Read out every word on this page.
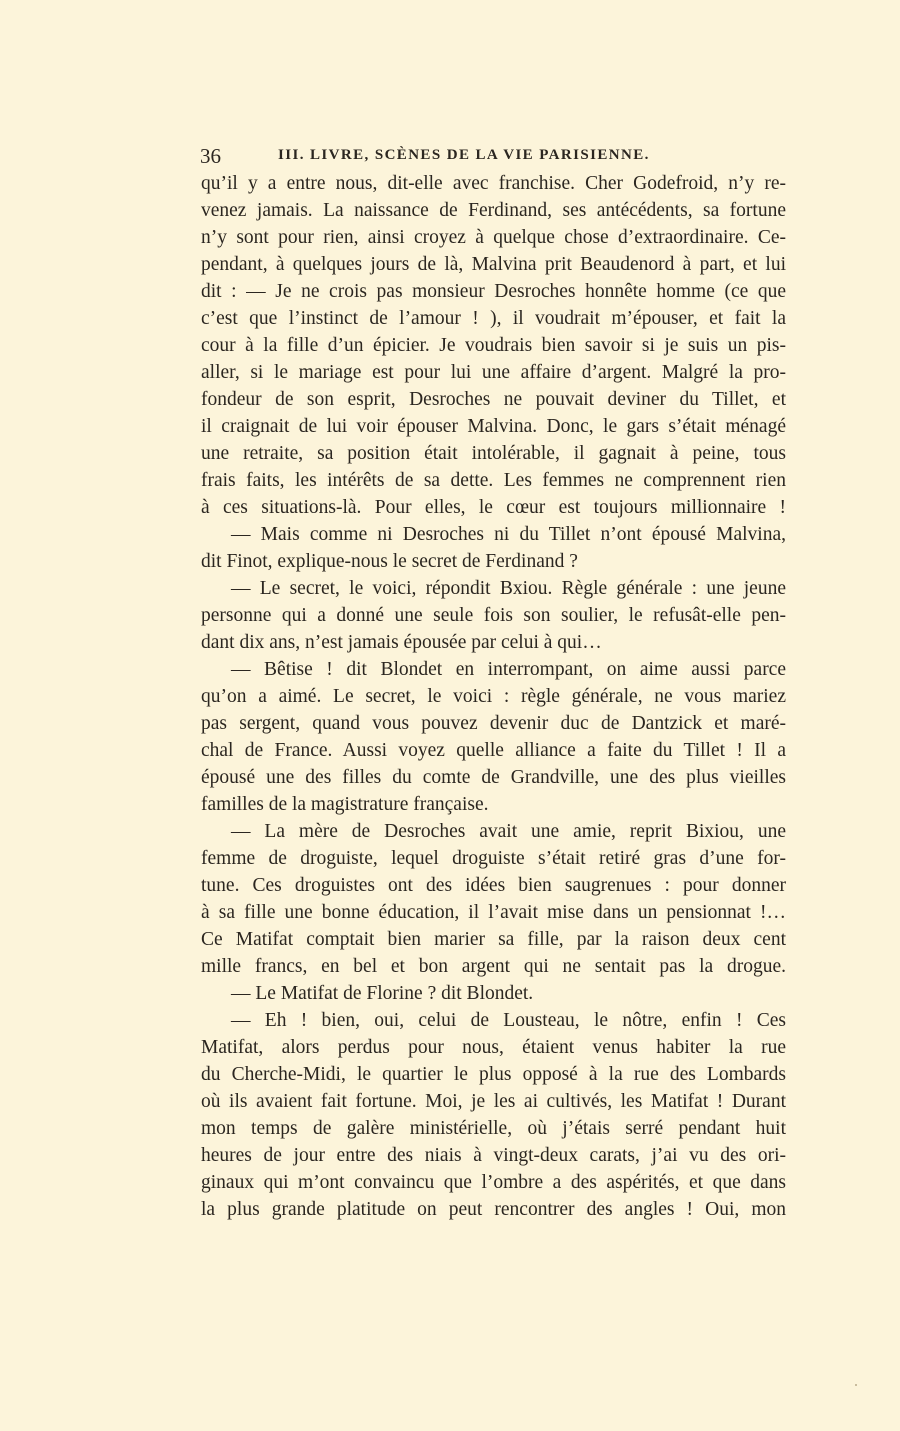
36	III. LIVRE, SCÈNES DE LA VIE PARISIENNE.
qu’il y a entre nous, dit-elle avec franchise. Cher Godefroid, n’y re-
venez jamais. La naissance de Ferdinand, ses antécédents, sa fortune
n’y sont pour rien, ainsi croyez à quelque chose d’extraordinaire. Ce-
pendant, à quelques jours de là, Malvina prit Beaudenord à part, et lui
dit : — Je ne crois pas monsieur Desroches honnête homme (ce que
c’est que l’instinct de l’amour ! ), il voudrait m’épouser, et fait la
cour à la fille d’un épicier. Je voudrais bien savoir si je suis un pis-
aller, si le mariage est pour lui une affaire d’argent. Malgré la pro-
fondeur de son esprit, Desroches ne pouvait deviner du Tillet, et
il craignait de lui voir épouser Malvina. Donc, le gars s’était ménagé
une retraite, sa position était intolérable, il gagnait à peine, tous
frais faits, les intérêts de sa dette. Les femmes ne comprennent rien
à ces situations-là. Pour elles, le cœur est toujours millionnaire !
— Mais comme ni Desroches ni du Tillet n’ont épousé Malvina,
dit Finot, explique-nous le secret de Ferdinand ?
— Le secret, le voici, répondit Bxiou. Règle générale : une jeune
personne qui a donné une seule fois son soulier, le refusât-elle pen-
dant dix ans, n’est jamais épousée par celui à qui…
— Bêtise ! dit Blondet en interrompant, on aime aussi parce
qu’on a aimé. Le secret, le voici : règle générale, ne vous mariez
pas sergent, quand vous pouvez devenir duc de Dantzick et maré-
chal de France. Aussi voyez quelle alliance a faite du Tillet ! Il a
épousé une des filles du comte de Grandville, une des plus vieilles
familles de la magistrature française.
— La mère de Desroches avait une amie, reprit Bixiou, une
femme de droguiste, lequel droguiste s’était retiré gras d’une for-
tune. Ces droguistes ont des idées bien saugrenues : pour donner
à sa fille une bonne éducation, il l’avait mise dans un pensionnat !…
Ce Matifat comptait bien marier sa fille, par la raison deux cent
mille francs, en bel et bon argent qui ne sentait pas la drogue.
— Le Matifat de Florine ? dit Blondet.
— Eh ! bien, oui, celui de Lousteau, le nôtre, enfin ! Ces
Matifat, alors perdus pour nous, étaient venus habiter la rue
du Cherche-Midi, le quartier le plus opposé à la rue des Lombards
où ils avaient fait fortune. Moi, je les ai cultivés, les Matifat ! Durant
mon temps de galère ministérielle, où j’étais serré pendant huit
heures de jour entre des niais à vingt-deux carats, j’ai vu des ori-
ginaux qui m’ont convaincu que l’ombre a des aspérités, et que dans
la plus grande platitude on peut rencontrer des angles ! Oui, mon
